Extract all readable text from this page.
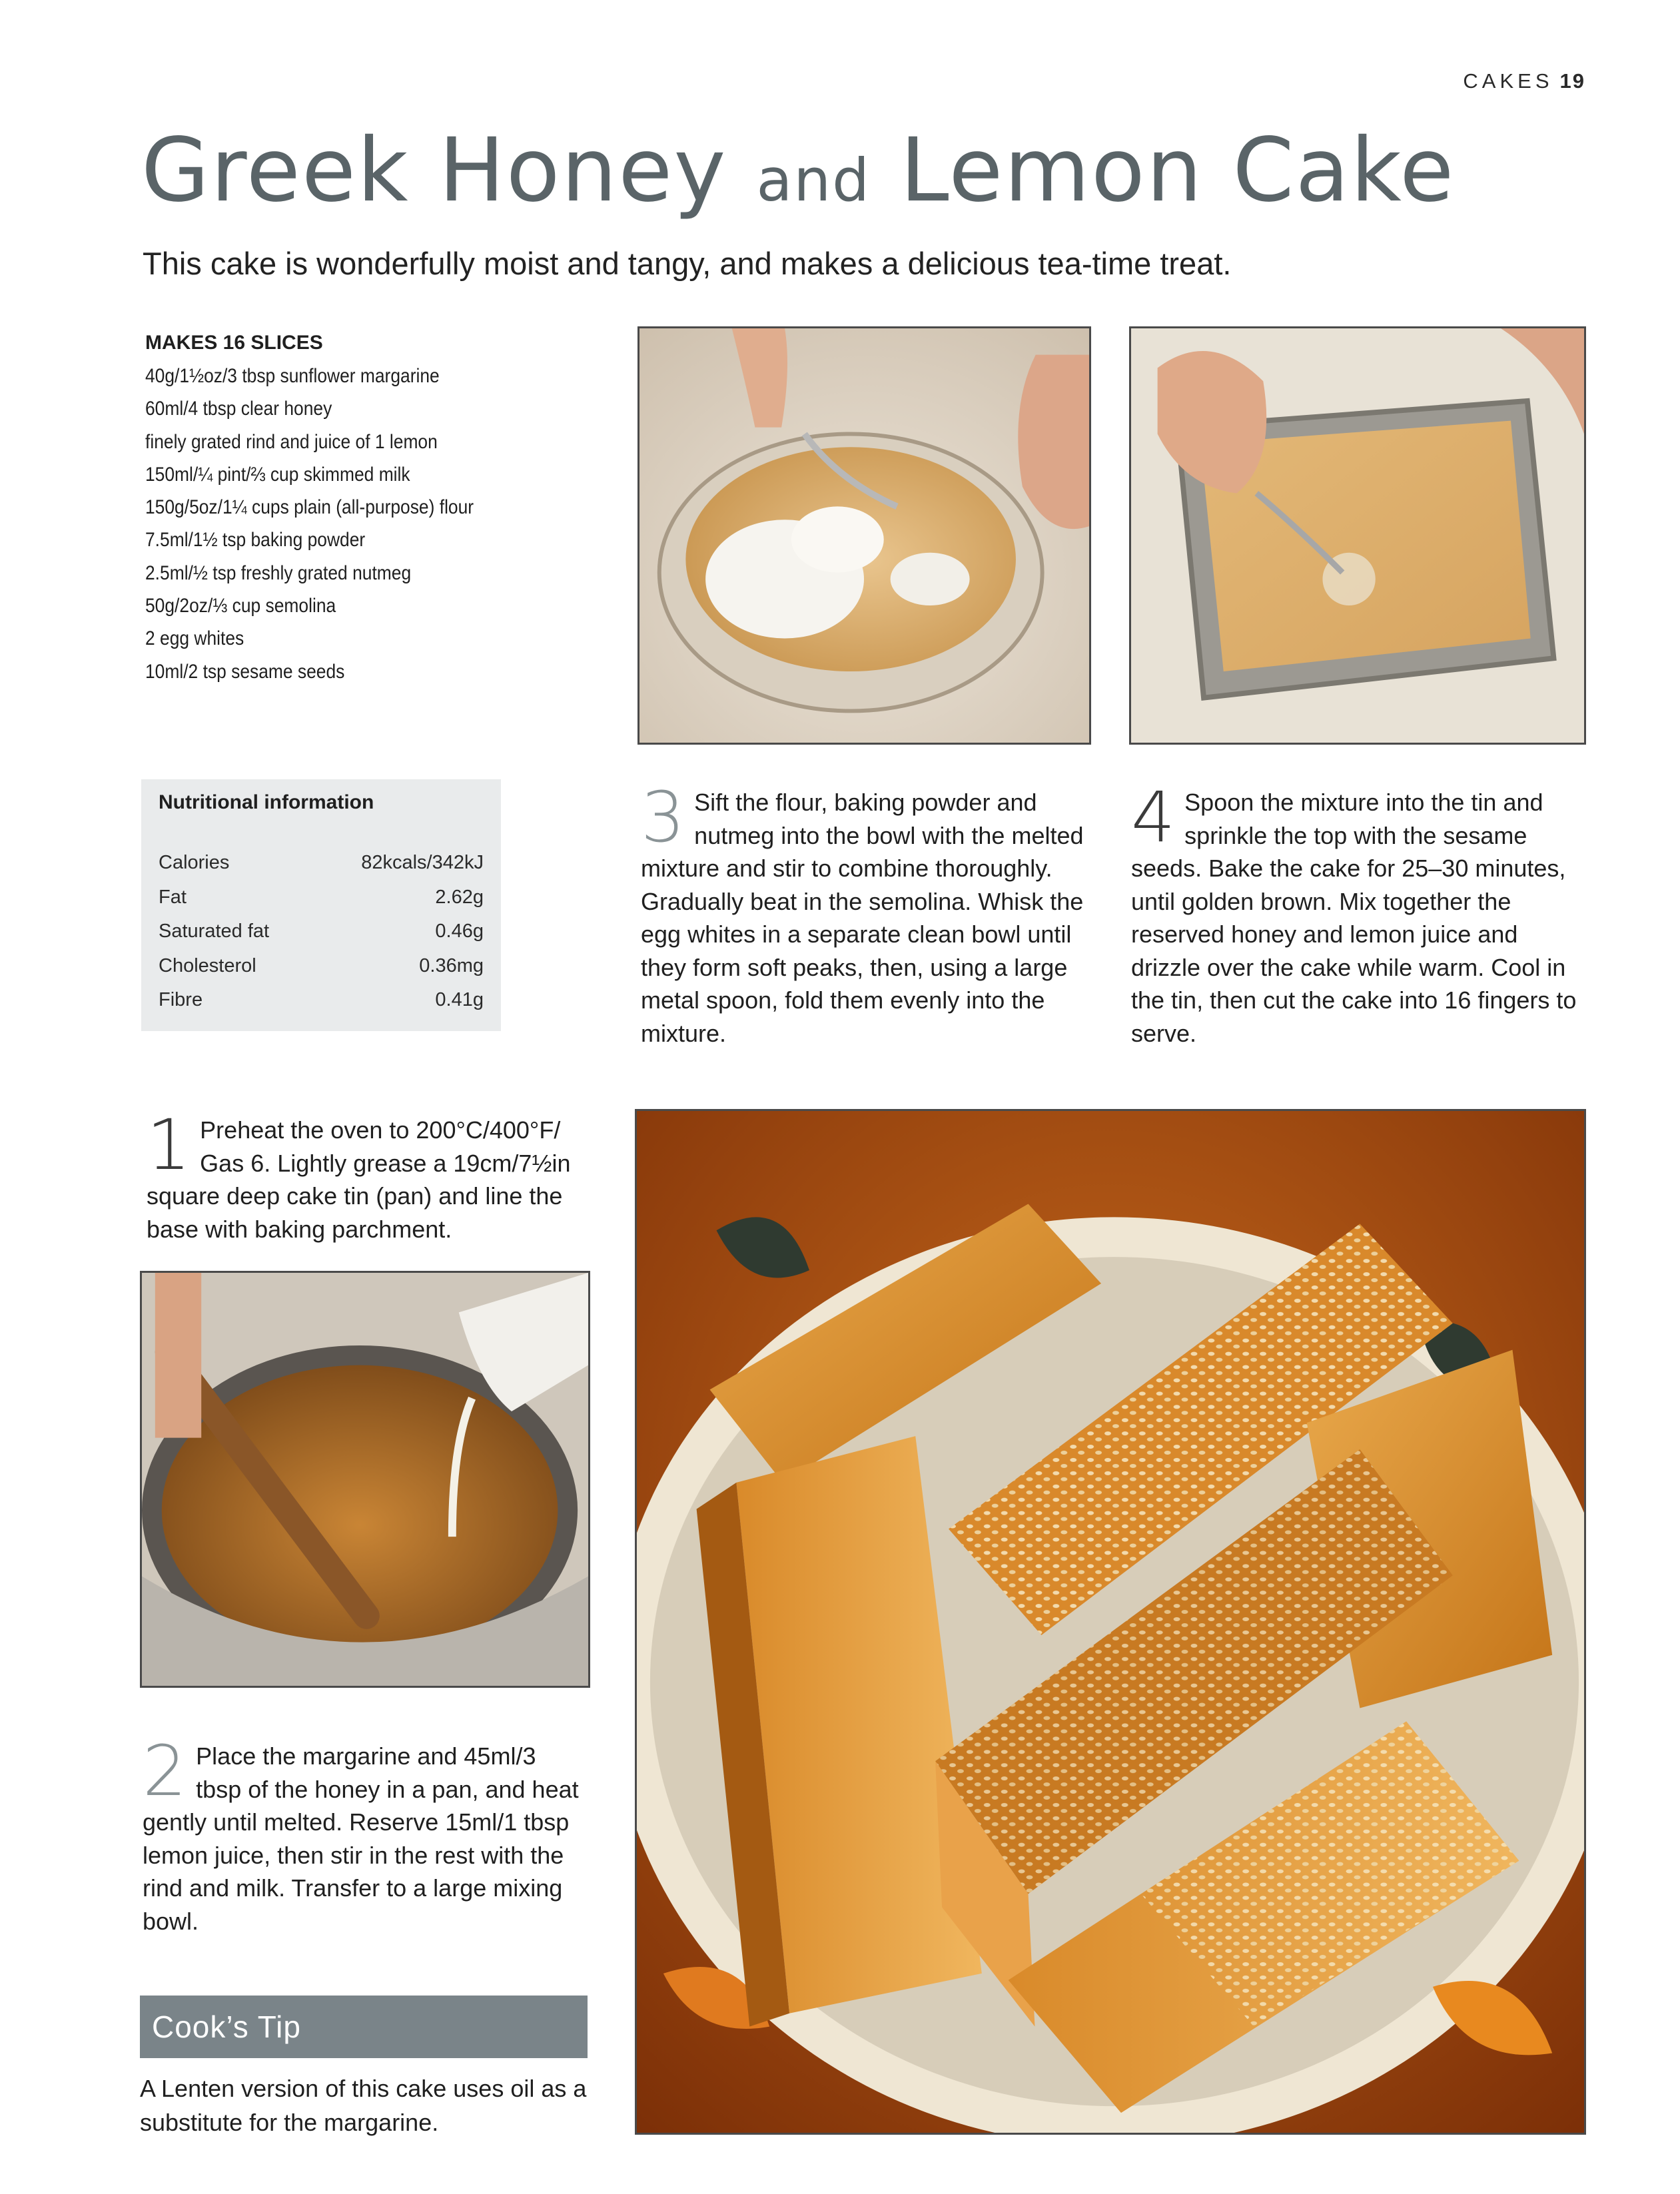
CAKES 19
Greek Honey and Lemon Cake
This cake is wonderfully moist and tangy, and makes a delicious tea-time treat.
MAKES 16 SLICES
40g/1½oz/3 tbsp sunflower margarine
60ml/4 tbsp clear honey
finely grated rind and juice of 1 lemon
150ml/¼ pint/⅔ cup skimmed milk
150g/5oz/1¼ cups plain (all-purpose) flour
7.5ml/1½ tsp baking powder
2.5ml/½ tsp freshly grated nutmeg
50g/2oz/⅓ cup semolina
2 egg whites
10ml/2 tsp sesame seeds
Nutritional information
Calories	82kcals/342kJ
Fat	2.62g
Saturated fat	0.46g
Cholesterol	0.36mg
Fibre	0.41g
3 Sift the flour, baking powder and nutmeg into the bowl with the melted mixture and stir to combine thoroughly. Gradually beat in the semolina. Whisk the egg whites in a separate clean bowl until they form soft peaks, then, using a large metal spoon, fold them evenly into the mixture.
4 Spoon the mixture into the tin and sprinkle the top with the sesame seeds. Bake the cake for 25–30 minutes, until golden brown. Mix together the reserved honey and lemon juice and drizzle over the cake while warm. Cool in the tin, then cut the cake into 16 fingers to serve.
1 Preheat the oven to 200°C/400°F/ Gas 6. Lightly grease a 19cm/7½in square deep cake tin (pan) and line the base with baking parchment.
2 Place the margarine and 45ml/3 tbsp of the honey in a pan, and heat gently until melted. Reserve 15ml/1 tbsp lemon juice, then stir in the rest with the rind and milk. Transfer to a large mixing bowl.
Cook’s Tip
A Lenten version of this cake uses oil as a substitute for the margarine.
